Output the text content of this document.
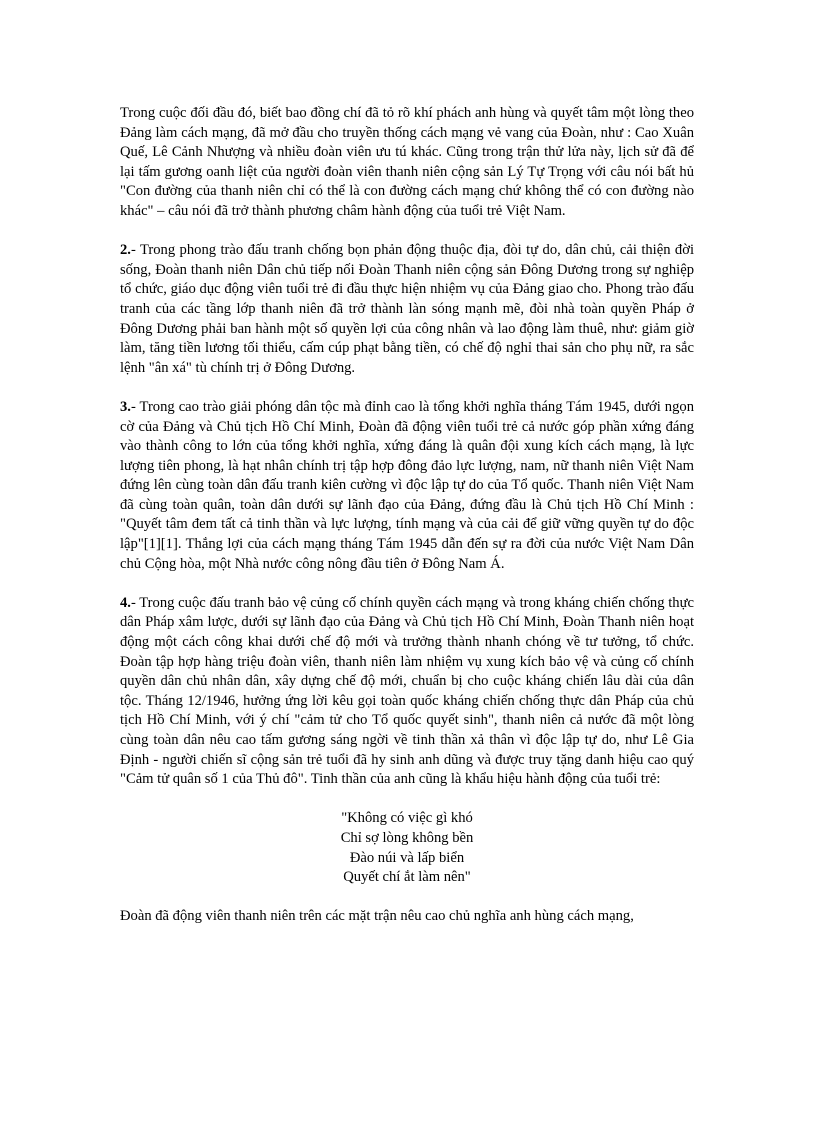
Trong cuộc đối đầu đó, biết bao đồng chí đã tỏ rõ khí phách anh hùng và quyết tâm một lòng theo Đảng làm cách mạng, đã mở đầu cho truyền thống cách mạng vẻ vang của Đoàn, như : Cao Xuân Quế, Lê Cảnh Nhượng và nhiều đoàn viên ưu tú khác. Cũng trong trận thử lửa này, lịch sử đã để lại tấm gương oanh liệt của người đoàn viên thanh niên cộng sản Lý Tự Trọng với câu nói bất hủ "Con đường của thanh niên chỉ có thể là con đường cách mạng chứ không thể có con đường nào khác" – câu nói đã trở thành phương châm hành động của tuổi trẻ Việt Nam.

2.- Trong phong trào đấu tranh chống bọn phản động thuộc địa, đòi tự do, dân chủ, cải thiện đời sống, Đoàn thanh niên Dân chủ tiếp nối Đoàn Thanh niên cộng sản Đông Dương trong sự nghiệp tổ chức, giáo dục động viên tuổi trẻ đi đầu thực hiện nhiệm vụ của Đảng giao cho. Phong trào đấu tranh của các tầng lớp thanh niên đã trở thành làn sóng mạnh mẽ, đòi nhà toàn quyền Pháp ở Đông Dương phải ban hành một số quyền lợi của công nhân và lao động làm thuê, như: giảm giờ làm, tăng tiền lương tối thiểu, cấm cúp phạt bằng tiền, có chế độ nghỉ thai sản cho phụ nữ, ra sắc lệnh "ân xá" tù chính trị ở Đông Dương.

3.- Trong cao trào giải phóng dân tộc mà đỉnh cao là tổng khởi nghĩa tháng Tám 1945, dưới ngọn cờ của Đảng và Chủ tịch Hồ Chí Minh, Đoàn đã động viên tuổi trẻ cả nước góp phần xứng đáng vào thành công to lớn của tổng khởi nghĩa, xứng đáng là quân đội xung kích cách mạng, là lực lượng tiên phong, là hạt nhân chính trị tập hợp đông đảo lực lượng, nam, nữ thanh niên Việt Nam đứng lên cùng toàn dân đấu tranh kiên cường vì độc lập tự do của Tổ quốc. Thanh niên Việt Nam đã cùng toàn quân, toàn dân dưới sự lãnh đạo của Đảng, đứng đầu là Chủ tịch Hồ Chí Minh : "Quyết tâm đem tất cả tinh thần và lực lượng, tính mạng và của cải để giữ vững quyền tự do độc lập"[1][1]. Thắng lợi của cách mạng tháng Tám 1945 dẫn đến sự ra đời của nước Việt Nam Dân chủ Cộng hòa, một Nhà nước công nông đầu tiên ở Đông Nam Á.

4.- Trong cuộc đấu tranh bảo vệ củng cố chính quyền cách mạng và trong kháng chiến chống thực dân Pháp xâm lược, dưới sự lãnh đạo của Đảng và Chủ tịch Hồ Chí Minh, Đoàn Thanh niên hoạt động một cách công khai dưới chế độ mới và trưởng thành nhanh chóng về tư tưởng, tổ chức. Đoàn tập hợp hàng triệu đoàn viên, thanh niên làm nhiệm vụ xung kích bảo vệ và củng cố chính quyền dân chủ nhân dân, xây dựng chế độ mới, chuẩn bị cho cuộc kháng chiến lâu dài của dân tộc. Tháng 12/1946, hưởng ứng lời kêu gọi toàn quốc kháng chiến chống thực dân Pháp của chủ tịch Hồ Chí Minh, với ý chí "cảm tử cho Tổ quốc quyết sinh", thanh niên cả nước đã một lòng cùng toàn dân nêu cao tấm gương sáng ngời về tinh thần xả thân vì độc lập tự do, như Lê Gia Định - người chiến sĩ cộng sản trẻ tuổi đã hy sinh anh dũng và được truy tặng danh hiệu cao quý "Cảm tử quân số 1 của Thủ đô". Tinh thần của anh cũng là khẩu hiệu hành động của tuổi trẻ:

"Không có việc gì khó
Chỉ sợ lòng không bền
Đào núi và lấp biển
Quyết chí ắt làm nên"

Đoàn đã động viên thanh niên trên các mặt trận nêu cao chủ nghĩa anh hùng cách mạng,
